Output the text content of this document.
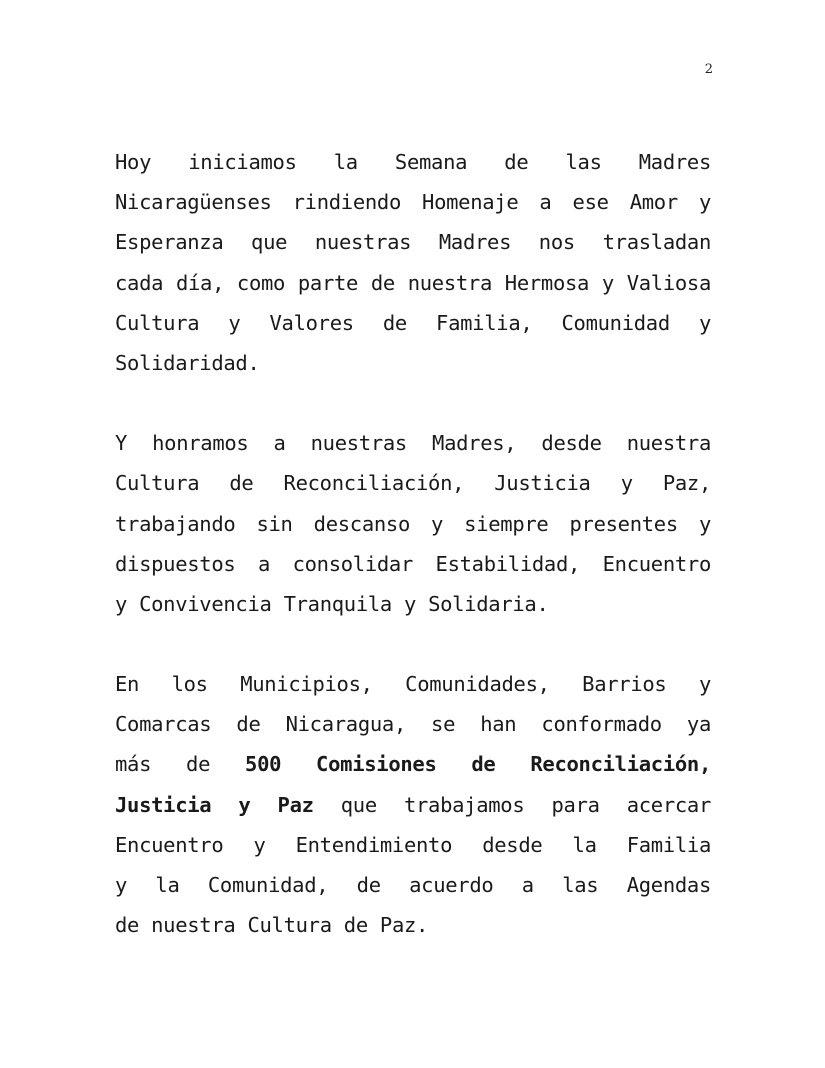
2

Hoy iniciamos la Semana de las Madres
Nicaragüenses rindiendo Homenaje a ese Amor y
Esperanza que nuestras Madres nos trasladan
cada día, como parte de nuestra Hermosa y Valiosa
Cultura y Valores de Familia, Comunidad y
Solidaridad.

Y honramos a nuestras Madres, desde nuestra
Cultura de Reconciliación, Justicia y Paz,
trabajando sin descanso y siempre presentes y
dispuestos a consolidar Estabilidad, Encuentro
y Convivencia Tranquila y Solidaria.

En los Municipios, Comunidades, Barrios y
Comarcas de Nicaragua, se han conformado ya
más de 500 Comisiones de Reconciliación,
Justicia y Paz que trabajamos para acercar
Encuentro y Entendimiento desde la Familia
y la Comunidad, de acuerdo a las Agendas
de nuestra Cultura de Paz.
